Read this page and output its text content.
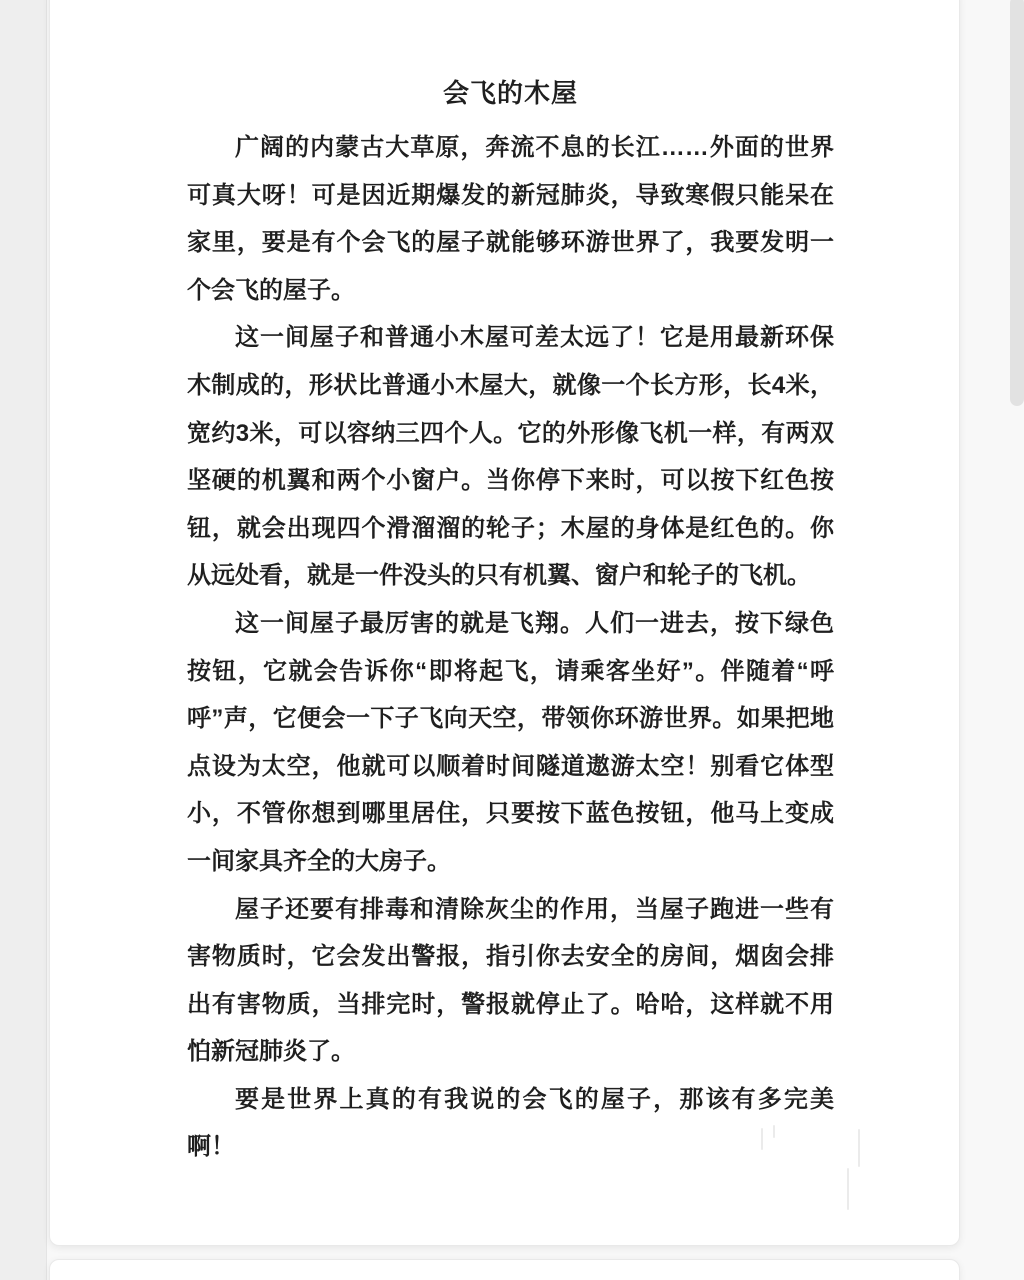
会飞的木屋

广阔的内蒙古大草原，奔流不息的长江……外面的世界可真大呀！可是因近期爆发的新冠肺炎，导致寒假只能呆在家里，要是有个会飞的屋子就能够环游世界了，我要发明一个会飞的屋子。

这一间屋子和普通小木屋可差太远了！它是用最新环保木制成的，形状比普通小木屋大，就像一个长方形，长4米，宽约3米，可以容纳三四个人。它的外形像飞机一样，有两双坚硬的机翼和两个小窗户。当你停下来时，可以按下红色按钮，就会出现四个滑溜溜的轮子；木屋的身体是红色的。你从远处看，就是一件没头的只有机翼、窗户和轮子的飞机。

这一间屋子最厉害的就是飞翔。人们一进去，按下绿色按钮，它就会告诉你“即将起飞，请乘客坐好”。伴随着“呼呼”声，它便会一下子飞向天空，带领你环游世界。如果把地点设为太空，他就可以顺着时间隧道遨游太空！别看它体型小，不管你想到哪里居住，只要按下蓝色按钮，他马上变成一间家具齐全的大房子。

屋子还要有排毒和清除灰尘的作用，当屋子跑进一些有害物质时，它会发出警报，指引你去安全的房间，烟囱会排出有害物质，当排完时，警报就停止了。哈哈，这样就不用怕新冠肺炎了。

要是世界上真的有我说的会飞的屋子，那该有多完美啊！
